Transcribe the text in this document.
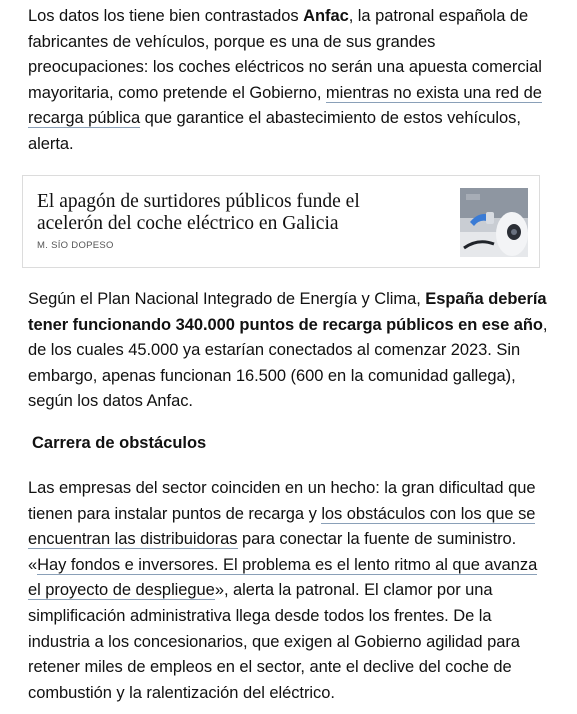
Los datos los tiene bien contrastados Anfac, la patronal española de fabricantes de vehículos, porque es una de sus grandes preocupaciones: los coches eléctricos no serán una apuesta comercial mayoritaria, como pretende el Gobierno, mientras no exista una red de recarga pública que garantice el abastecimiento de estos vehículos, alerta.

El apagón de surtidores públicos funde el acelerón del coche eléctrico en Galicia
M. SÍO DOPESO

Según el Plan Nacional Integrado de Energía y Clima, España debería tener funcionando 340.000 puntos de recarga públicos en ese año, de los cuales 45.000 ya estarían conectados al comenzar 2023. Sin embargo, apenas funcionan 16.500 (600 en la comunidad gallega), según los datos Anfac.

Carrera de obstáculos

Las empresas del sector coinciden en un hecho: la gran dificultad que tienen para instalar puntos de recarga y los obstáculos con los que se encuentran las distribuidoras para conectar la fuente de suministro. «Hay fondos e inversores. El problema es el lento ritmo al que avanza el proyecto de despliegue», alerta la patronal. El clamor por una simplificación administrativa llega desde todos los frentes. De la industria a los concesionarios, que exigen al Gobierno agilidad para retener miles de empleos en el sector, ante el declive del coche de combustión y la ralentización del eléctrico.
